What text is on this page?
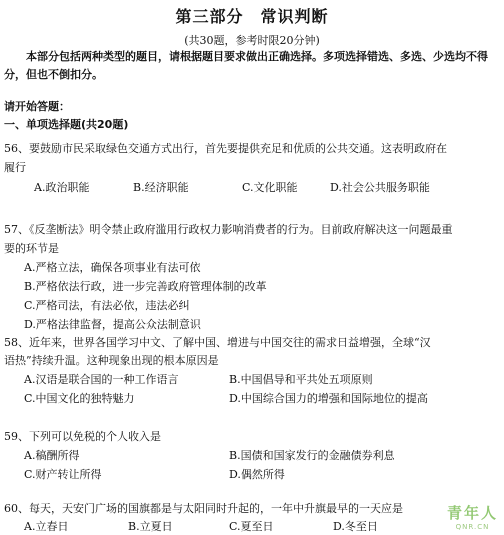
第三部分　常识判断
(共30题，参考时限20分钟)
本部分包括两种类型的题目，请根据题目要求做出正确选择。多项选择错选、多选、少选均不得分，但也不倒扣分。
请开始答题：
一、单项选择题(共20题)
56、要鼓励市民采取绿色交通方式出行，首先要提供充足和优质的公共交通。这表明政府在
履行
A.政治职能	B.经济职能	C.文化职能	D.社会公共服务职能
57、《反垄断法》明令禁止政府滥用行政权力影响消费者的行为。目前政府解决这一问题最重
要的环节是
A.严格立法，确保各项事业有法可依
B.严格依法行政，进一步完善政府管理体制的改革
C.严格司法，有法必依，违法必纠
D.严格法律监督，提高公众法制意识
58、近年来，世界各国学习中文、了解中国、增进与中国交往的需求日益增强，全球“汉
语热”持续升温。这种现象出现的根本原因是
A.汉语是联合国的一种工作语言	B.中国倡导和平共处五项原则
C.中国文化的独特魅力	D.中国综合国力的增强和国际地位的提高
59、下列可以免税的个人收入是
A.稿酬所得	B.国债和国家发行的金融债券利息
C.财产转让所得	D.偶然所得
60、每天，天安门广场的国旗都是与太阳同时升起的，一年中升旗最早的一天应是
A.立春日	B.立夏日	C.夏至日	D.冬至日
青年人
QNR.CN
